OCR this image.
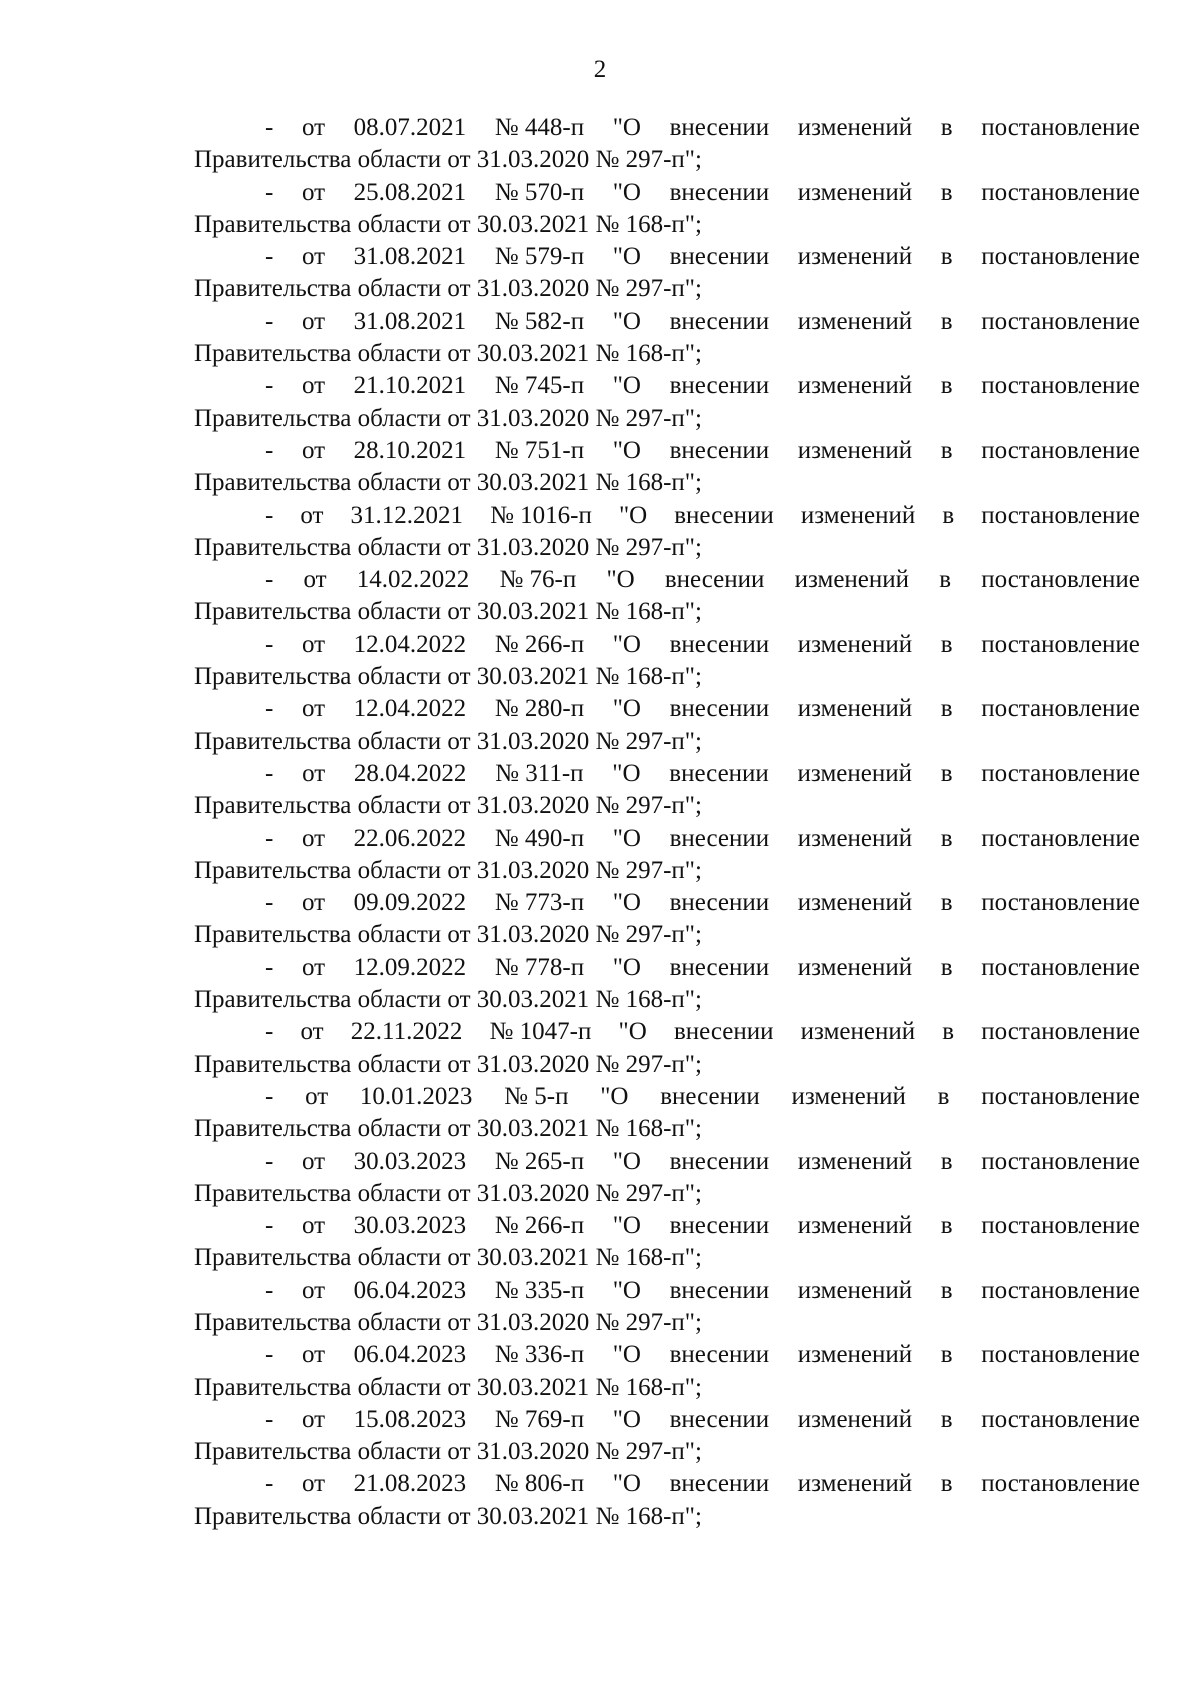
2
- от 08.07.2021 № 448-п "О внесении изменений в постановление
Правительства области от 31.03.2020 № 297-п";
- от 25.08.2021 № 570-п "О внесении изменений в постановление
Правительства области от 30.03.2021 № 168-п";
- от 31.08.2021 № 579-п "О внесении изменений в постановление
Правительства области от 31.03.2020 № 297-п";
- от 31.08.2021 № 582-п "О внесении изменений в постановление
Правительства области от 30.03.2021 № 168-п";
- от 21.10.2021 № 745-п "О внесении изменений в постановление
Правительства области от 31.03.2020 № 297-п";
- от 28.10.2021 № 751-п "О внесении изменений в постановление
Правительства области от 30.03.2021 № 168-п";
- от 31.12.2021 № 1016-п "О внесении изменений в постановление
Правительства области от 31.03.2020 № 297-п";
- от 14.02.2022 № 76-п "О внесении изменений в постановление
Правительства области от 30.03.2021 № 168-п";
- от 12.04.2022 № 266-п "О внесении изменений в постановление
Правительства области от 30.03.2021 № 168-п";
- от 12.04.2022 № 280-п "О внесении изменений в постановление
Правительства области от 31.03.2020 № 297-п";
- от 28.04.2022 № 311-п "О внесении изменений в постановление
Правительства области от 31.03.2020 № 297-п";
- от 22.06.2022 № 490-п "О внесении изменений в постановление
Правительства области от 31.03.2020 № 297-п";
- от 09.09.2022 № 773-п "О внесении изменений в постановление
Правительства области от 31.03.2020 № 297-п";
- от 12.09.2022 № 778-п "О внесении изменений в постановление
Правительства области от 30.03.2021 № 168-п";
- от 22.11.2022 № 1047-п "О внесении изменений в постановление
Правительства области от 31.03.2020 № 297-п";
- от 10.01.2023 № 5-п "О внесении изменений в постановление
Правительства области от 30.03.2021 № 168-п";
- от 30.03.2023 № 265-п "О внесении изменений в постановление
Правительства области от 31.03.2020 № 297-п";
- от 30.03.2023 № 266-п "О внесении изменений в постановление
Правительства области от 30.03.2021 № 168-п";
- от 06.04.2023 № 335-п "О внесении изменений в постановление
Правительства области от 31.03.2020 № 297-п";
- от 06.04.2023 № 336-п "О внесении изменений в постановление
Правительства области от 30.03.2021 № 168-п";
- от 15.08.2023 № 769-п "О внесении изменений в постановление
Правительства области от 31.03.2020 № 297-п";
- от 21.08.2023 № 806-п "О внесении изменений в постановление
Правительства области от 30.03.2021 № 168-п";
